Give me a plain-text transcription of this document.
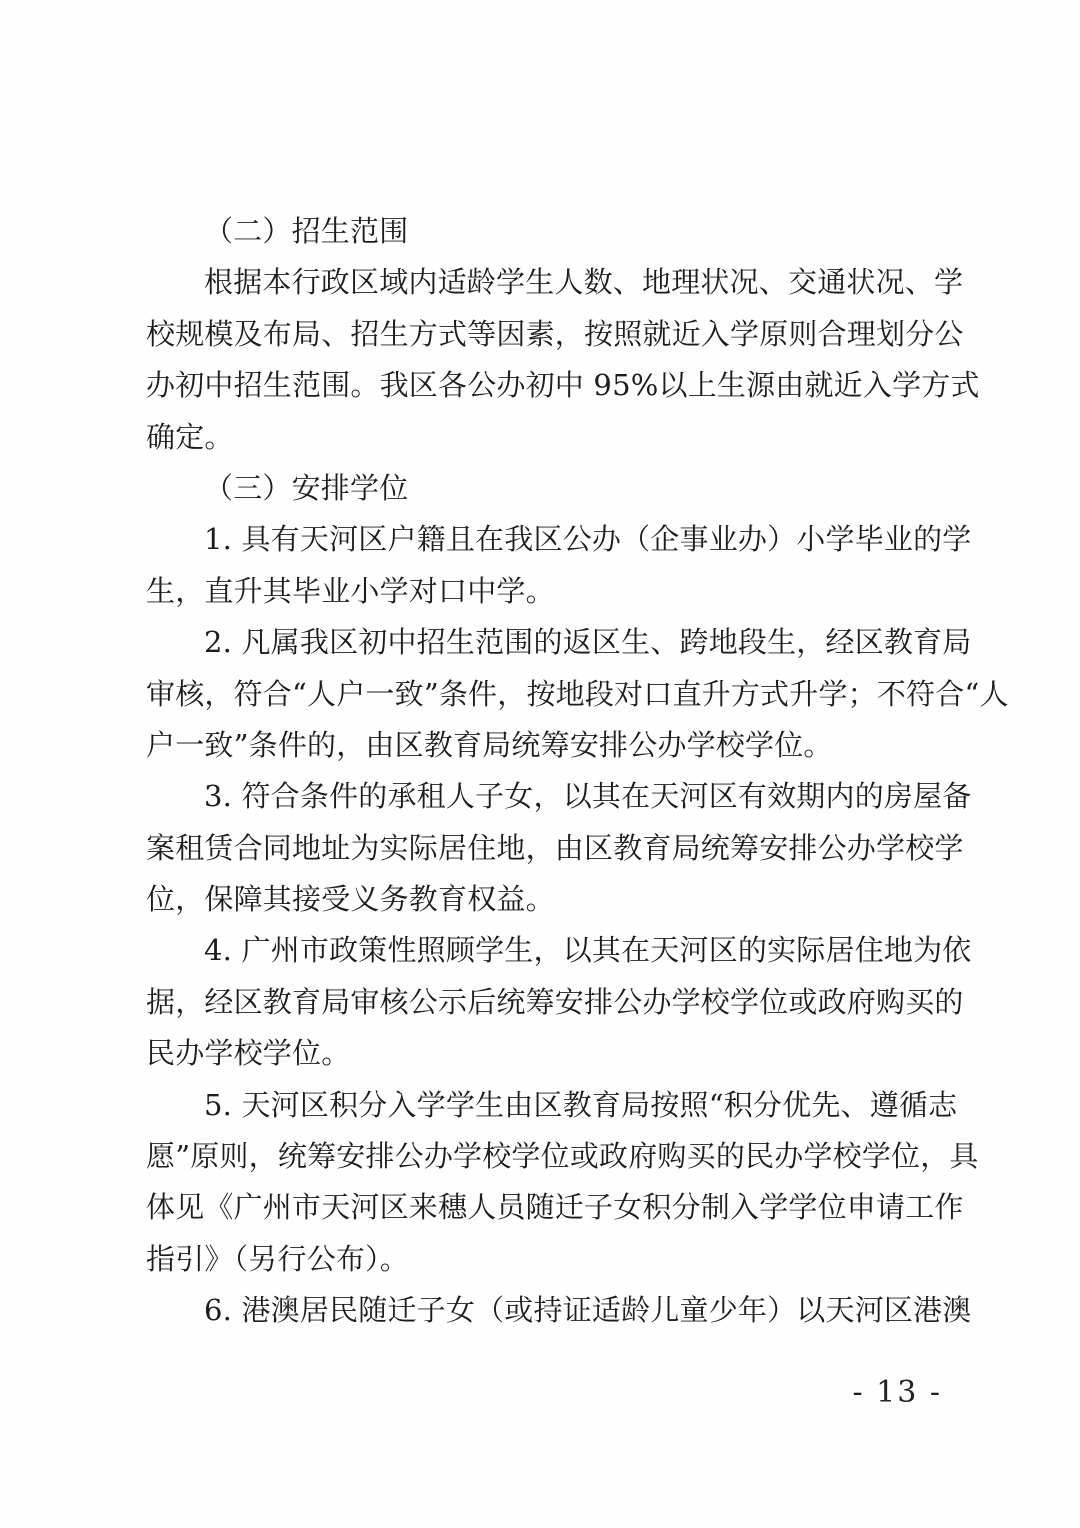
（二）招生范围
根据本行政区域内适龄学生人数、地理状况、交通状况、学
校规模及布局、招生方式等因素，按照就近入学原则合理划分公
办初中招生范围。我区各公办初中 95%以上生源由就近入学方式
确定。
（三）安排学位
1. 具有天河区户籍且在我区公办（企事业办）小学毕业的学
生，直升其毕业小学对口中学。
2. 凡属我区初中招生范围的返区生、跨地段生，经区教育局
审核，符合“人户一致”条件，按地段对口直升方式升学；不符合“人
户一致”条件的，由区教育局统筹安排公办学校学位。
3. 符合条件的承租人子女，以其在天河区有效期内的房屋备
案租赁合同地址为实际居住地，由区教育局统筹安排公办学校学
位，保障其接受义务教育权益。
4. 广州市政策性照顾学生，以其在天河区的实际居住地为依
据，经区教育局审核公示后统筹安排公办学校学位或政府购买的
民办学校学位。
5. 天河区积分入学学生由区教育局按照“积分优先、遵循志
愿”原则，统筹安排公办学校学位或政府购买的民办学校学位，具
体见《广州市天河区来穗人员随迁子女积分制入学学位申请工作
指引》（另行公布）。
6. 港澳居民随迁子女（或持证适龄儿童少年）以天河区港澳
- 13 -
